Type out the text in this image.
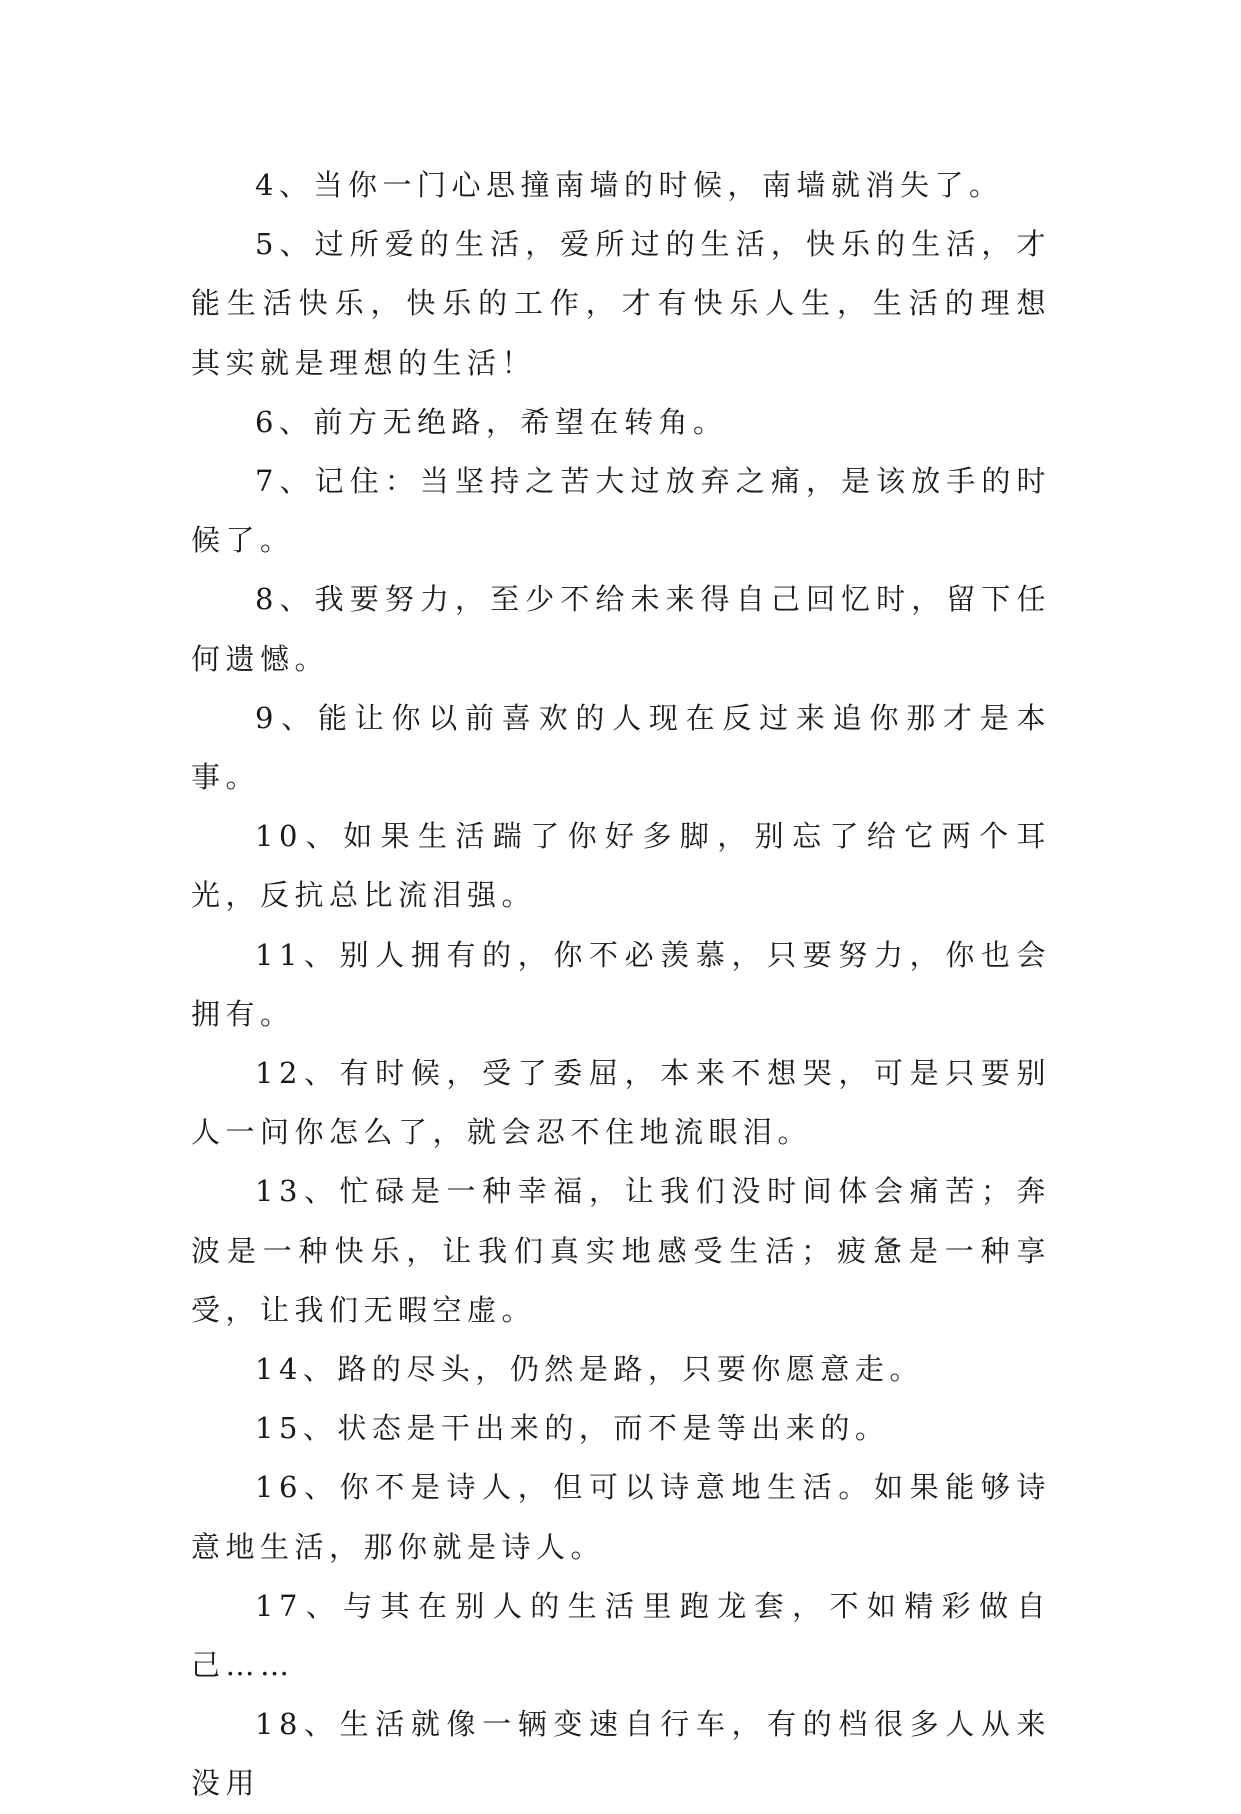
4、当你一门心思撞南墙的时候，南墙就消失了。

5、过所爱的生活，爱所过的生活，快乐的生活，才能生活快乐，快乐的工作，才有快乐人生，生活的理想其实就是理想的生活！

6、前方无绝路，希望在转角。

7、记住：当坚持之苦大过放弃之痛，是该放手的时候了。

8、我要努力，至少不给未来得自己回忆时，留下任何遗憾。

9、能让你以前喜欢的人现在反过来追你那才是本事。

10、如果生活踹了你好多脚，别忘了给它两个耳光，反抗总比流泪强。

11、别人拥有的，你不必羡慕，只要努力，你也会拥有。

12、有时候，受了委屈，本来不想哭，可是只要别人一问你怎么了，就会忍不住地流眼泪。

13、忙碌是一种幸福，让我们没时间体会痛苦；奔波是一种快乐，让我们真实地感受生活；疲惫是一种享受，让我们无暇空虚。

14、路的尽头，仍然是路，只要你愿意走。

15、状态是干出来的，而不是等出来的。

16、你不是诗人，但可以诗意地生活。如果能够诗意地生活，那你就是诗人。

17、与其在别人的生活里跑龙套，不如精彩做自己……

18、生活就像一辆变速自行车，有的档很多人从来没用
